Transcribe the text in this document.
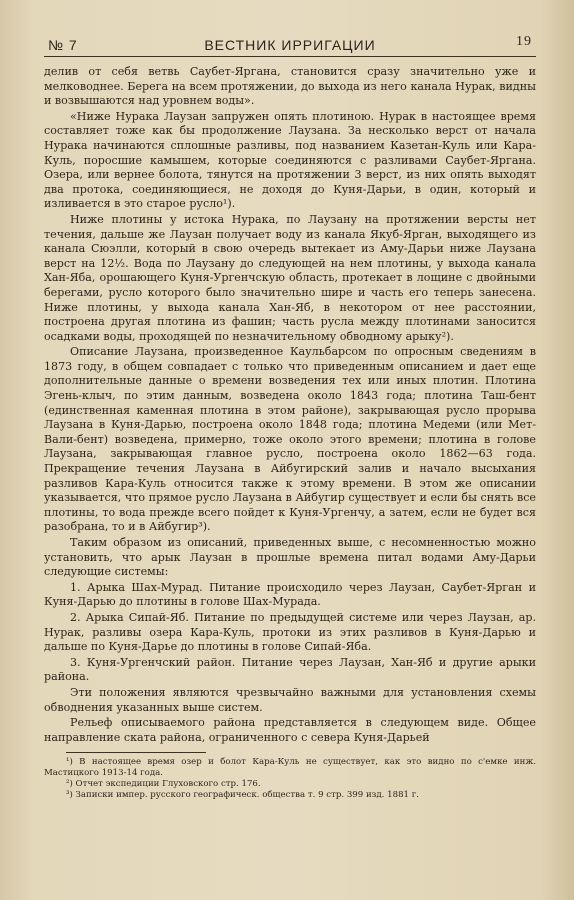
№ 7	ВЕСТНИК ИРРИГАЦИИ	19

делив от себя ветвь Саубет-Яргана, становится сразу значительно уже и мелководнее. Берега на всем протяжении, до выхода из него канала Нурак, видны и возвышаются над уровнем воды».

«Ниже Нурака Лаузан запружен опять плотиною. Нурак в настоящее время составляет тоже как бы продолжение Лаузана. За несколько верст от начала Нурака начинаются сплошные разливы, под названием Казетан-Куль или Кара-Куль, поросшие камышем, которые соединяются с разливами Саубет-Яргана. Озера, или вернее болота, тянутся на протяжении 3 верст, из них опять выходят два протока, соединяющиеся, не доходя до Куня-Дарьи, в один, который и изливается в это старое русло¹).

Ниже плотины у истока Нурака, по Лаузану на протяжении версты нет течения, дальше же Лаузан получает воду из канала Якуб-Ярган, выходящего из канала Сюэлли, который в свою очередь вытекает из Аму-Дарьи ниже Лаузана верст на 12½. Вода по Лаузану до следующей на нем плотины, у выхода канала Хан-Яба, орошающего Куня-Ургенчскую область, протекает в лощине с двойными берегами, русло которого было значительно шире и часть его теперь занесена. Ниже плотины, у выхода канала Хан-Яб, в некотором от нее расстоянии, построена другая плотина из фашин; часть русла между плотинами заносится осадками воды, проходящей по незначительному обводному арыку²).

Описание Лаузана, произведенное Каульбарсом по опросным сведениям в 1873 году, в общем совпадает с только что приведенным описанием и дает еще дополнительные данные о времени возведения тех или иных плотин. Плотина Эгень-клыч, по этим данным, возведена около 1843 года; плотина Таш-бент (единственная каменная плотина в этом районе), закрывающая русло прорыва Лаузана в Куня-Дарью, построена около 1848 года; плотина Медеми (или Мет-Вали-бент) возведена, примерно, тоже около этого времени; плотина в голове Лаузана, закрывающая главное русло, построена около 1862—63 года. Прекращение течения Лаузана в Айбугирский залив и начало высыхания разливов Кара-Куль относится также к этому времени. В этом же описании указывается, что прямое русло Лаузана в Айбугир существует и если бы снять все плотины, то вода прежде всего пойдет к Куня-Ургенчу, а затем, если не будет вся разобрана, то и в Айбугир³).

Таким образом из описаний, приведенных выше, с несомненностью можно установить, что арык Лаузан в прошлые времена питал водами Аму-Дарьи следующие системы:

1. Арыка Шах-Мурад. Питание происходило через Лаузан, Саубет-Ярган и Куня-Дарью до плотины в голове Шах-Мурада.

2. Арыка Сипай-Яб. Питание по предыдущей системе или через Лаузан, ар. Нурак, разливы озера Кара-Куль, протоки из этих разливов в Куня-Дарью и дальше по Куня-Дарье до плотины в голове Сипай-Яба.

3. Куня-Ургенчский район. Питание через Лаузан, Хан-Яб и другие арыки района.

Эти положения являются чрезвычайно важными для установления схемы обводнения указанных выше систем.

Рельеф описываемого района представляется в следующем виде. Общее направление ската района, ограниченного с севера Куня-Дарьей

¹) В настоящее время озер и болот Кара-Куль не существует, как это видно по с'емке инж. Мастицкого 1913-14 года.

²) Отчет экспедиции Глуховского стр. 176.

³) Записки импер. русского географическ. общества т. 9 стр. 399 изд. 1881 г.
